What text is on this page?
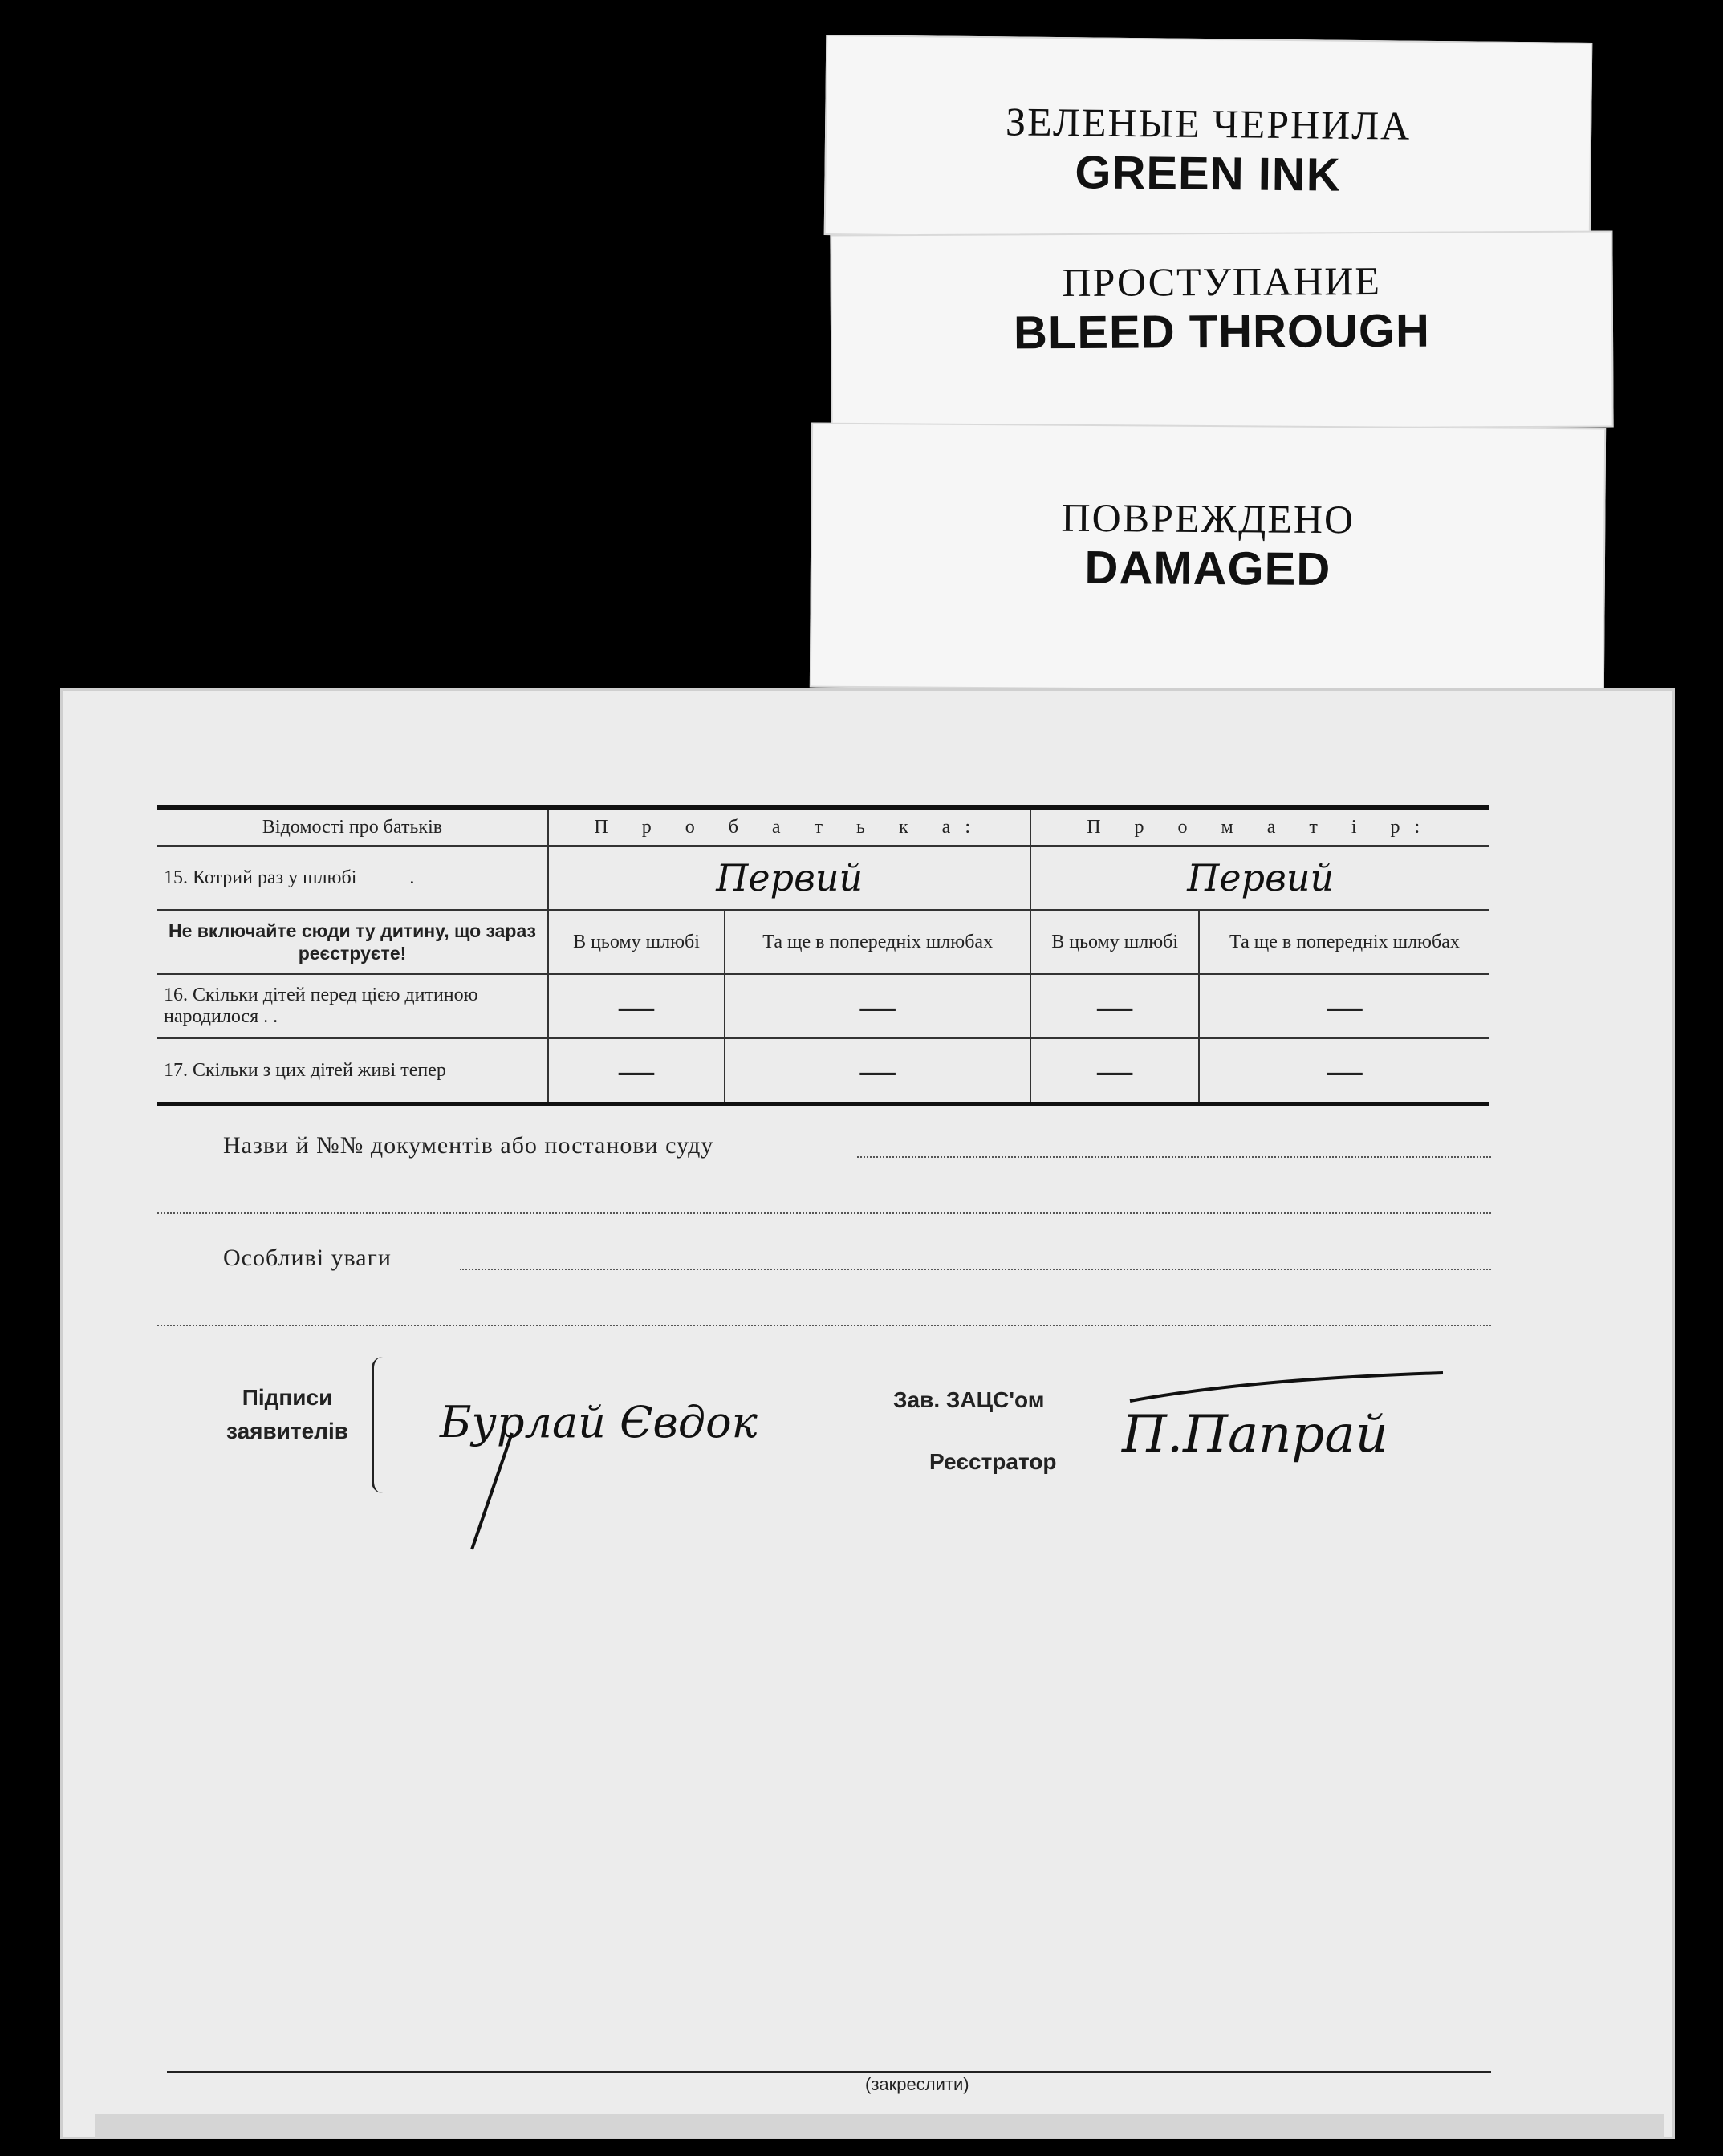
ЗЕЛЕНЫЕ ЧЕРНИЛА
GREEN INK
ПРОСТУПАНИЕ
BLEED THROUGH
ПОВРЕЖДЕНО
DAMAGED
Відомості про батьків	П р о б а т ь к а:		П р о м а т і р:	
15. Котрий раз у шлюбі .	Первий		Первий	
Не включайте сюди ту дитину, що зараз реєструєте!	В цьому шлюбі	Та ще в попередніх шлюбах	В цьому шлюбі	Та ще в попередніх шлюбах
16. Скільки дітей перед цією дитиною народилося . .	—	—	—	—
17. Скільки з цих дітей живі тепер	—	—	—	—
Назви й №№ документів або постанови суду
Особливі уваги
Підписи
заявителів	Бурлай Євдок	Зав. ЗАЦС'ом
Реєстратор П.Папрай
(закреслити)
